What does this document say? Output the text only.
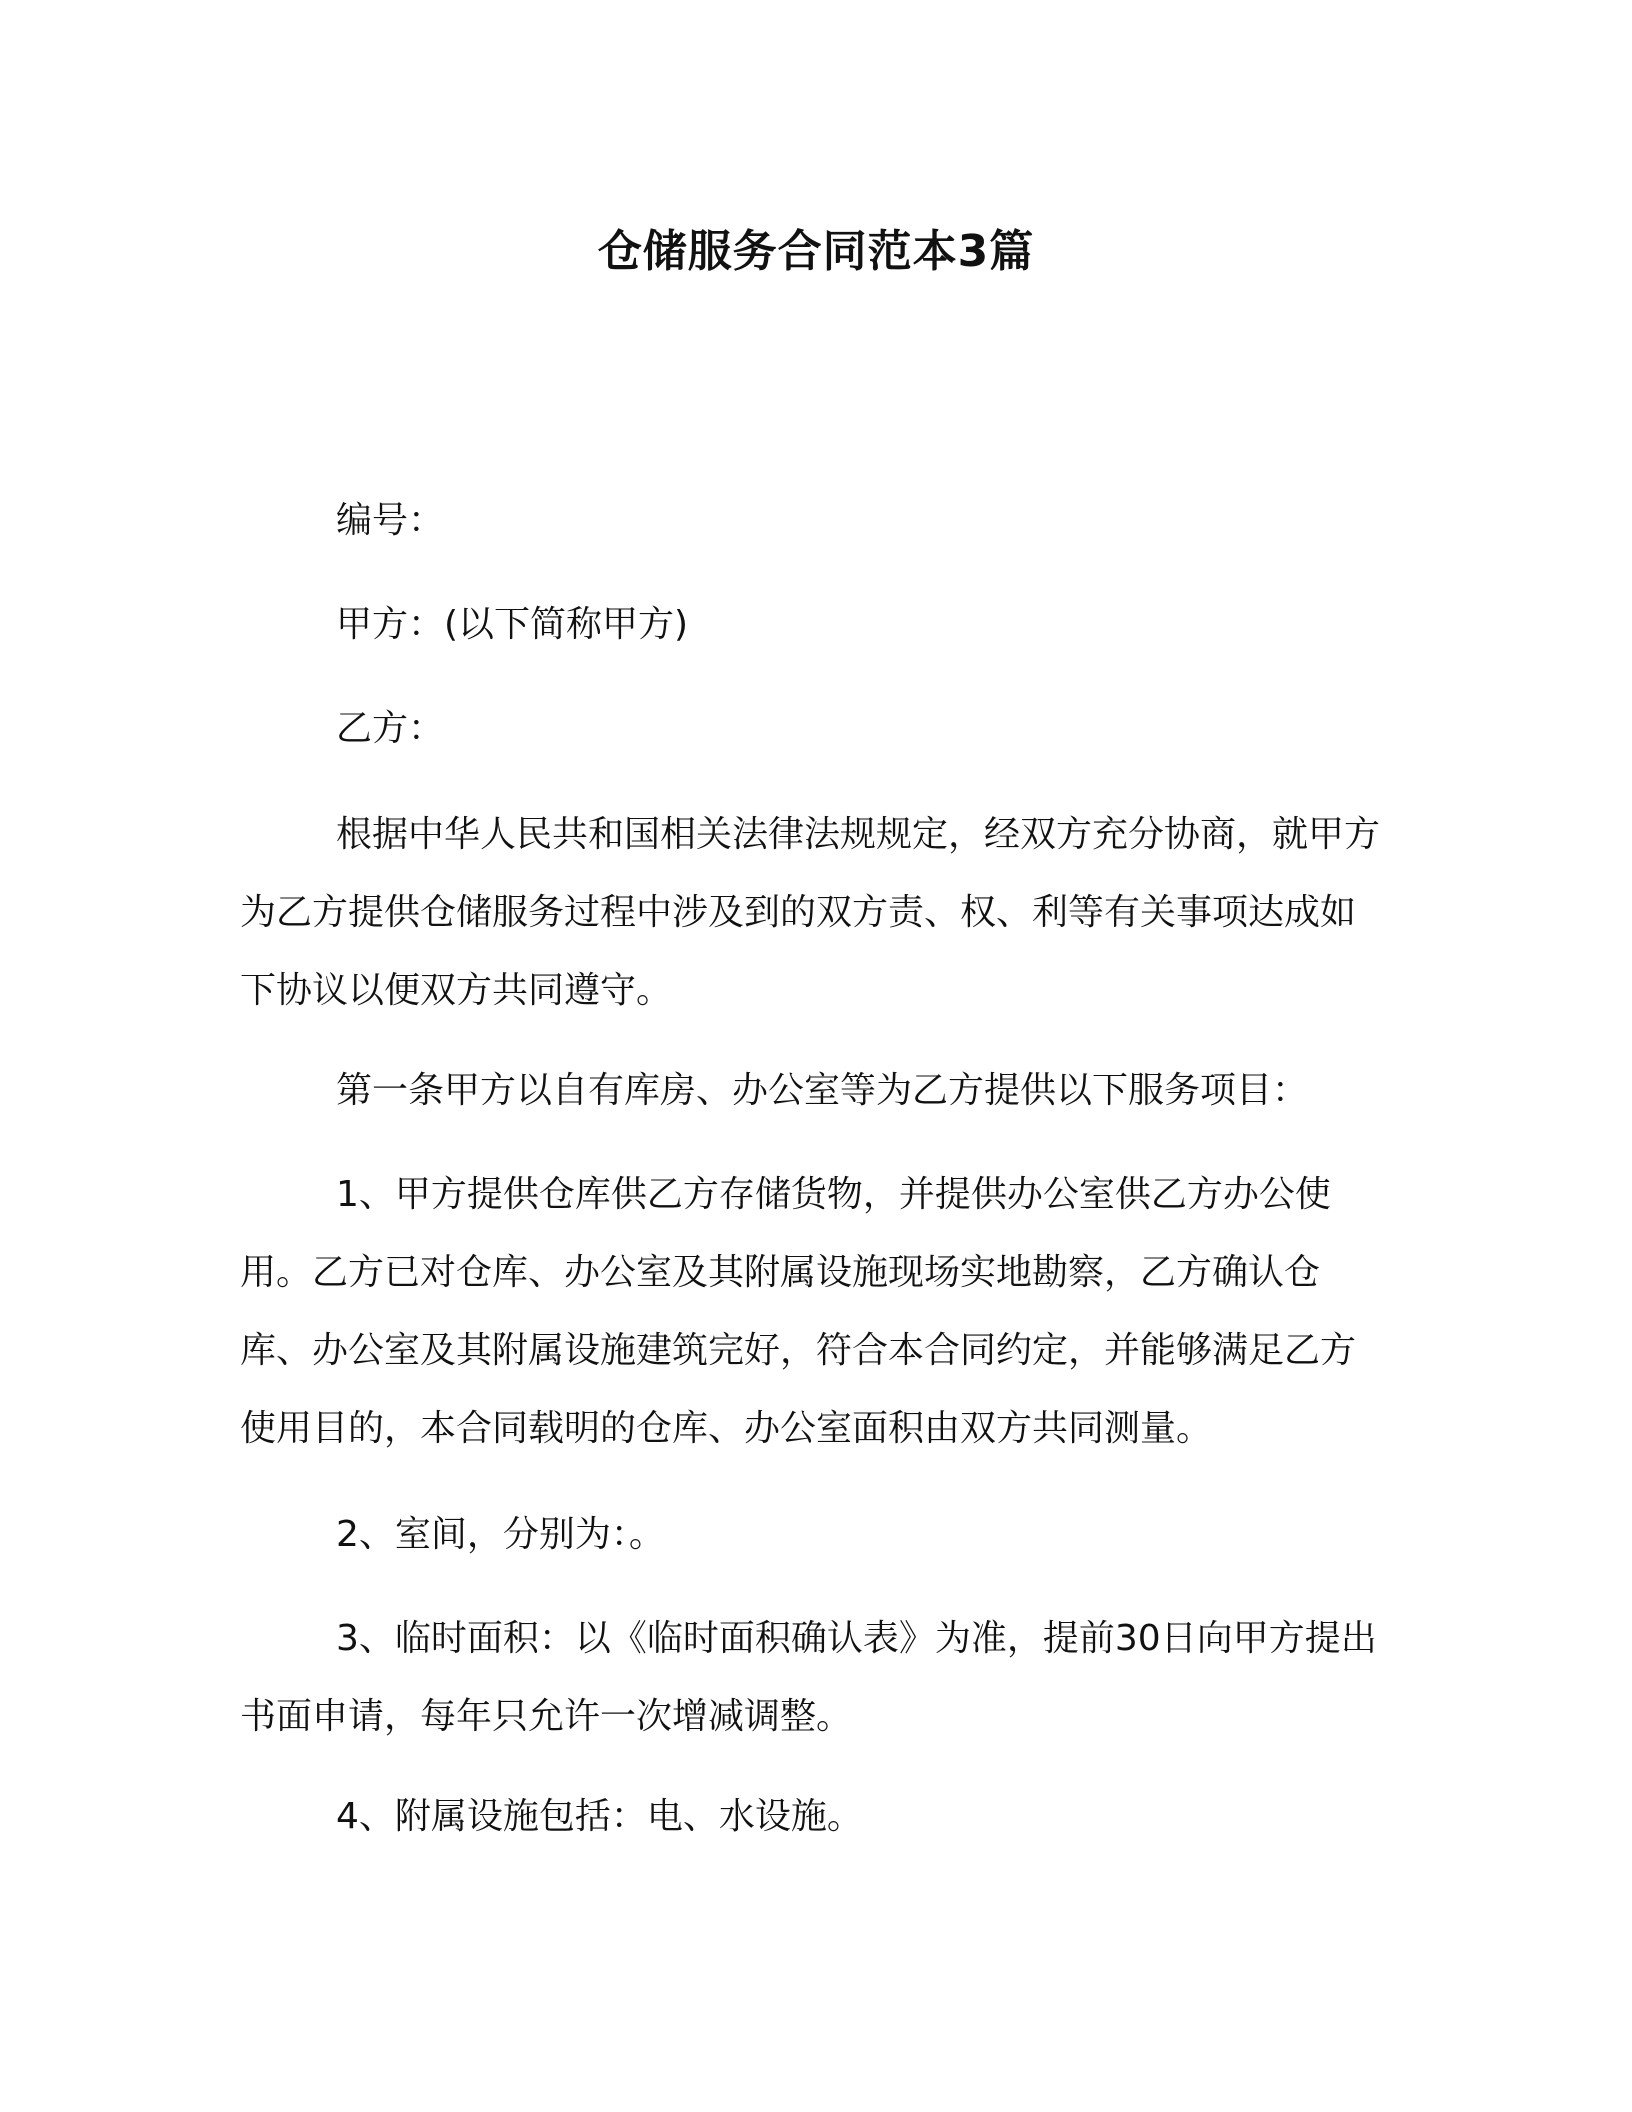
仓储服务合同范本3篇

编号：

甲方：(以下简称甲方)

乙方：

根据中华人民共和国相关法律法规规定，经双方充分协商，就甲方为乙方提供仓储服务过程中涉及到的双方责、权、利等有关事项达成如下协议以便双方共同遵守。

第一条甲方以自有库房、办公室等为乙方提供以下服务项目：

1、甲方提供仓库供乙方存储货物，并提供办公室供乙方办公使用。乙方已对仓库、办公室及其附属设施现场实地勘察，乙方确认仓库、办公室及其附属设施建筑完好，符合本合同约定，并能够满足乙方使用目的，本合同载明的仓库、办公室面积由双方共同测量。

2、室间，分别为：。

3、临时面积：以《临时面积确认表》为准，提前30日向甲方提出书面申请，每年只允许一次增减调整。

4、附属设施包括：电、水设施。
